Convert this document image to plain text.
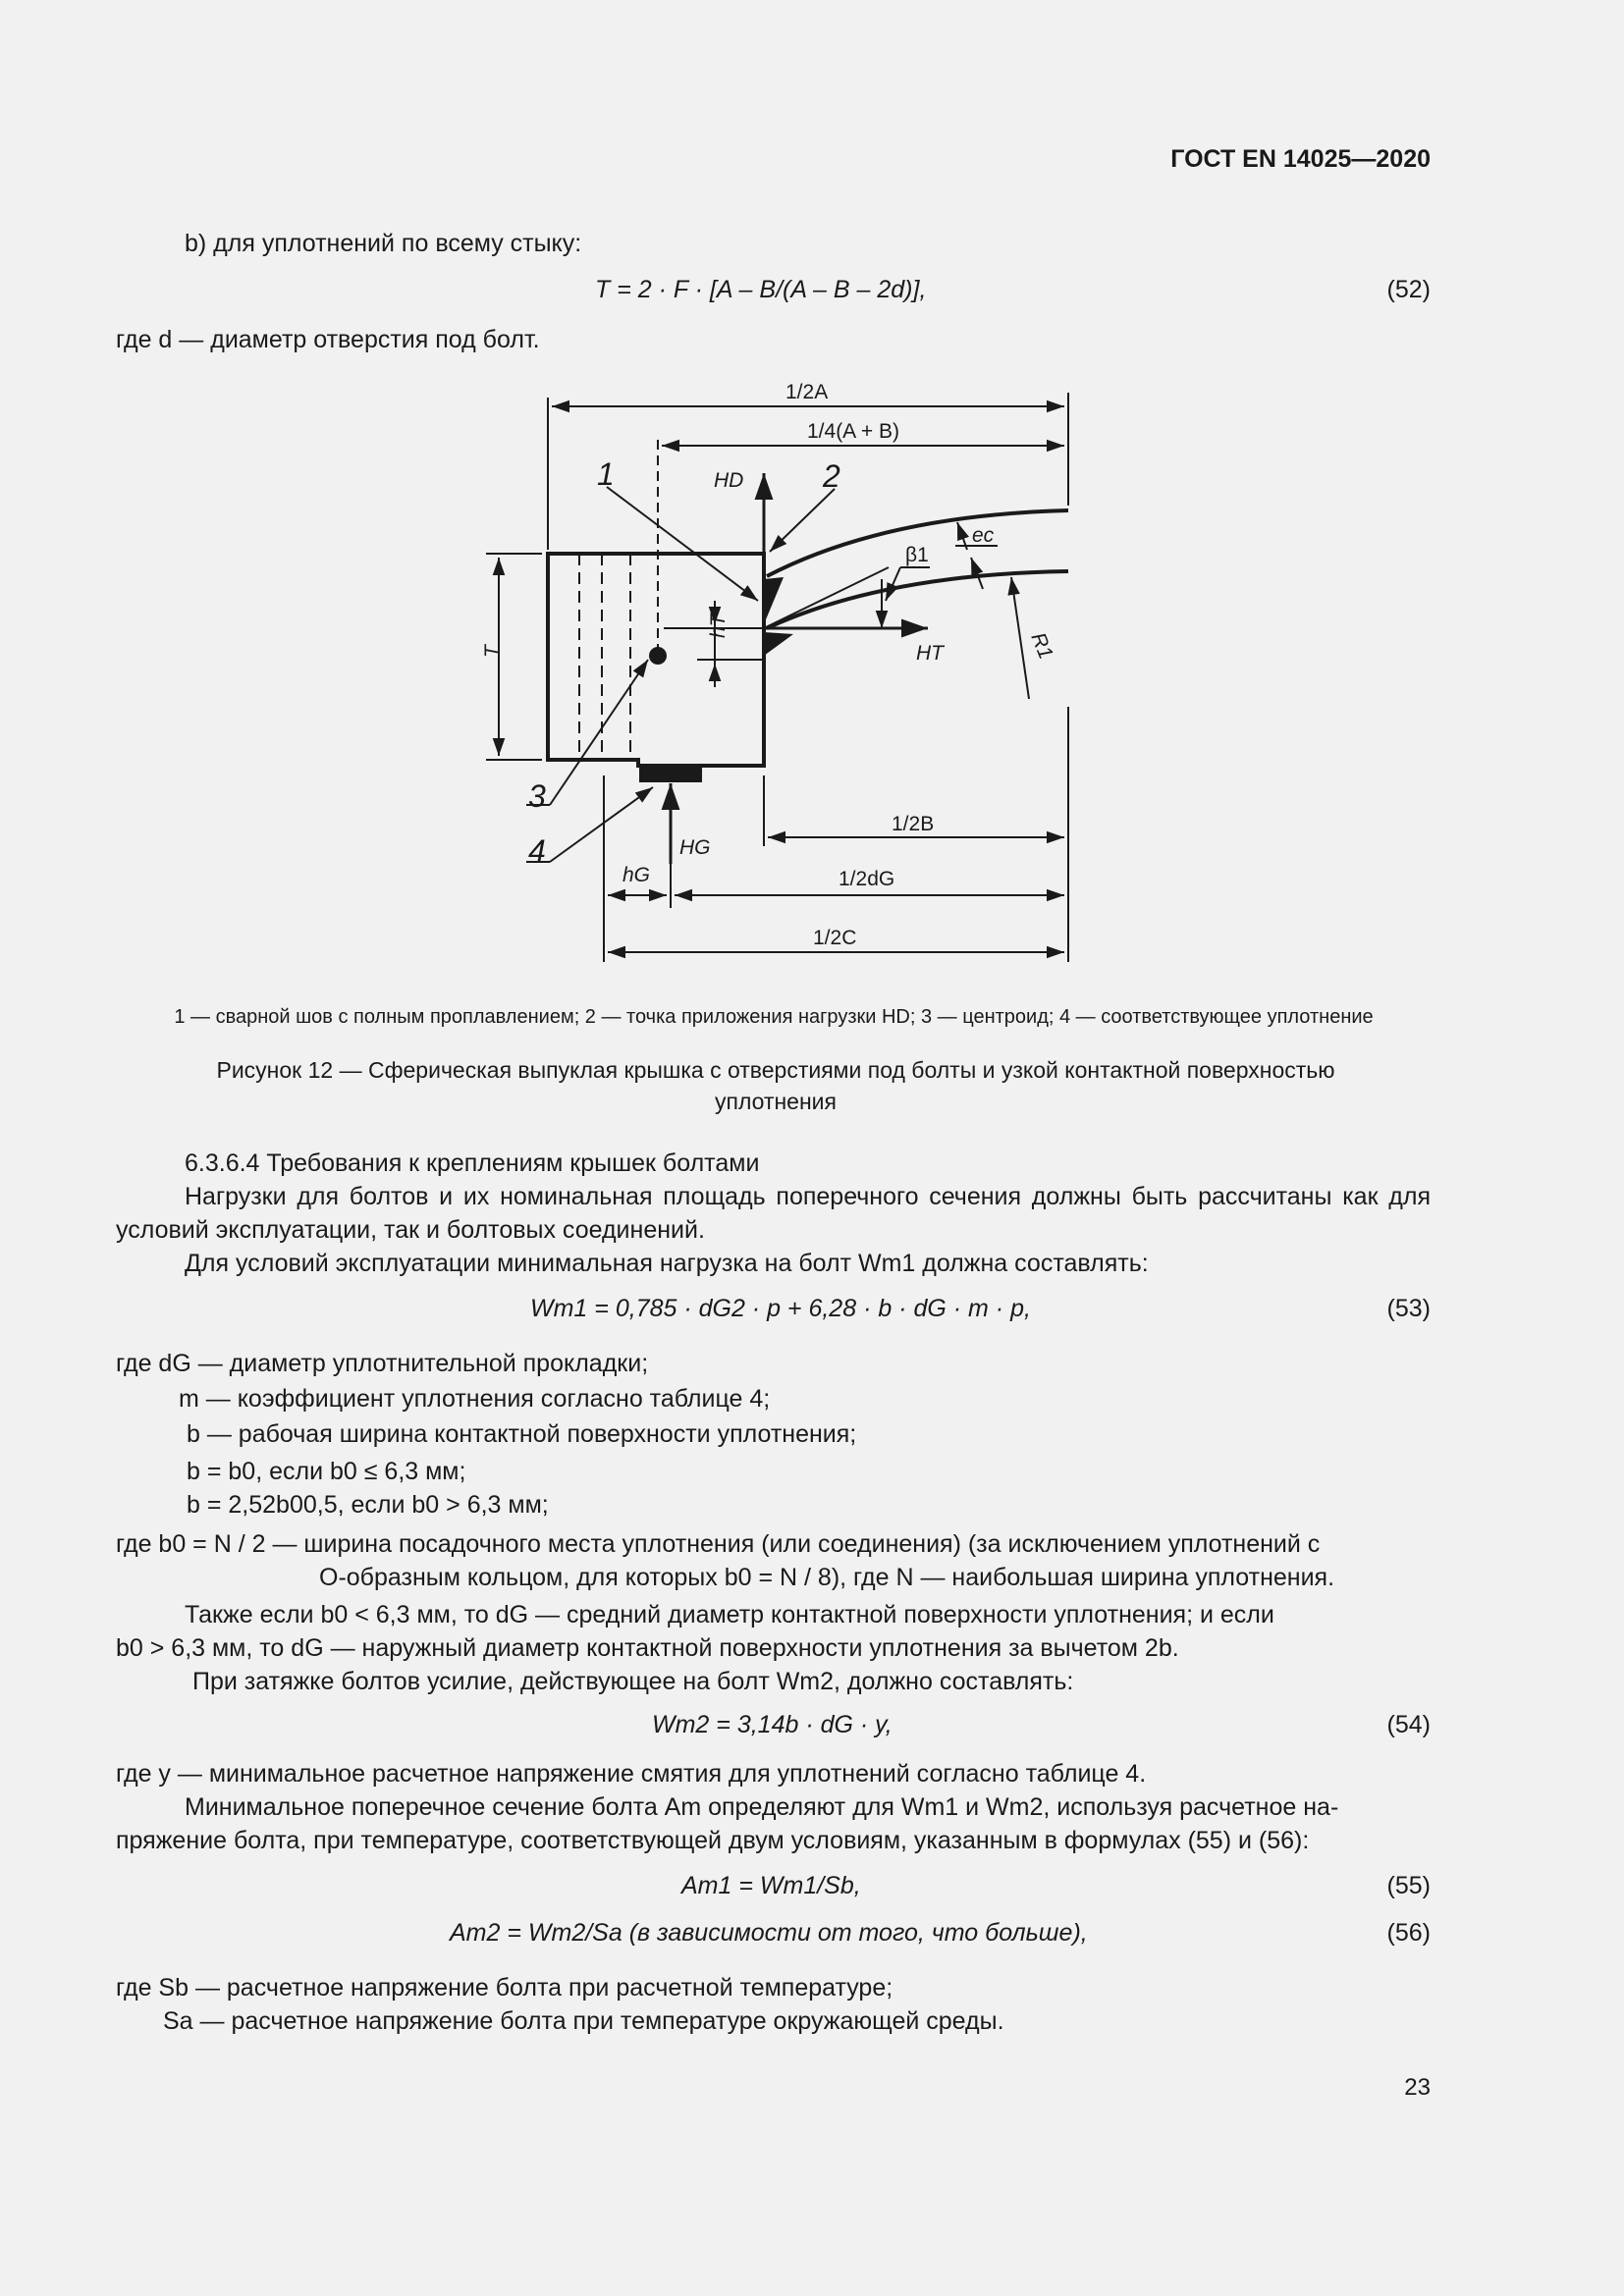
ГОСТ EN 14025—2020
b) для уплотнений по всему стыку:
T = 2 · F · [A – B/(A – B – 2d)],	(52)
где d — диаметр отверстия под болт.
1/2A
1/4(A + B)
HD
HT
HG
hG
hT
β1
ec
R1
T
1/2B
1/2dG
1/2C
1	2
3
4
1 — сварной шов с полным проплавлением; 2 — точка приложения нагрузки HD; 3 — центроид; 4 — соответствующее уплотнение
Рисунок 12 — Сферическая выпуклая крышка с отверстиями под болты и узкой контактной поверхностью
уплотнения
6.3.6.4 Требования к креплениям крышек болтами
Нагрузки для болтов и их номинальная площадь поперечного сечения должны быть рассчитаны как для условий эксплуатации, так и болтовых соединений.
Для условий эксплуатации минимальная нагрузка на болт Wm1 должна составлять:
Wm1 = 0,785 · dG2 · p + 6,28 · b · dG · m · p,	(53)
где dG — диаметр уплотнительной прокладки;
m — коэффициент уплотнения согласно таблице 4;
b — рабочая ширина контактной поверхности уплотнения;
b = b0, если b0 ≤ 6,3 мм;
b = 2,52b00,5, если b0 > 6,3 мм;
где b0 = N / 2 — ширина посадочного места уплотнения (или соединения) (за исключением уплотнений с
О-образным кольцом, для которых b0 = N / 8), где N — наибольшая ширина уплотнения.
Также если b0 < 6,3 мм, то dG — средний диаметр контактной поверхности уплотнения; и если
b0 > 6,3 мм, то dG — наружный диаметр контактной поверхности уплотнения за вычетом 2b.
При затяжке болтов усилие, действующее на болт Wm2, должно составлять:
Wm2 = 3,14b · dG · y,	(54)
где y — минимальное расчетное напряжение смятия для уплотнений согласно таблице 4.
Минимальное поперечное сечение болта Am определяют для Wm1 и Wm2, используя расчетное на-
пряжение болта, при температуре, соответствующей двум условиям, указанным в формулах (55) и (56):
Am1 = Wm1/Sb,	(55)
Am2 = Wm2/Sa (в зависимости от того, что больше),	(56)
где Sb — расчетное напряжение болта при расчетной температуре;
Sa — расчетное напряжение болта при температуре окружающей среды.
23
